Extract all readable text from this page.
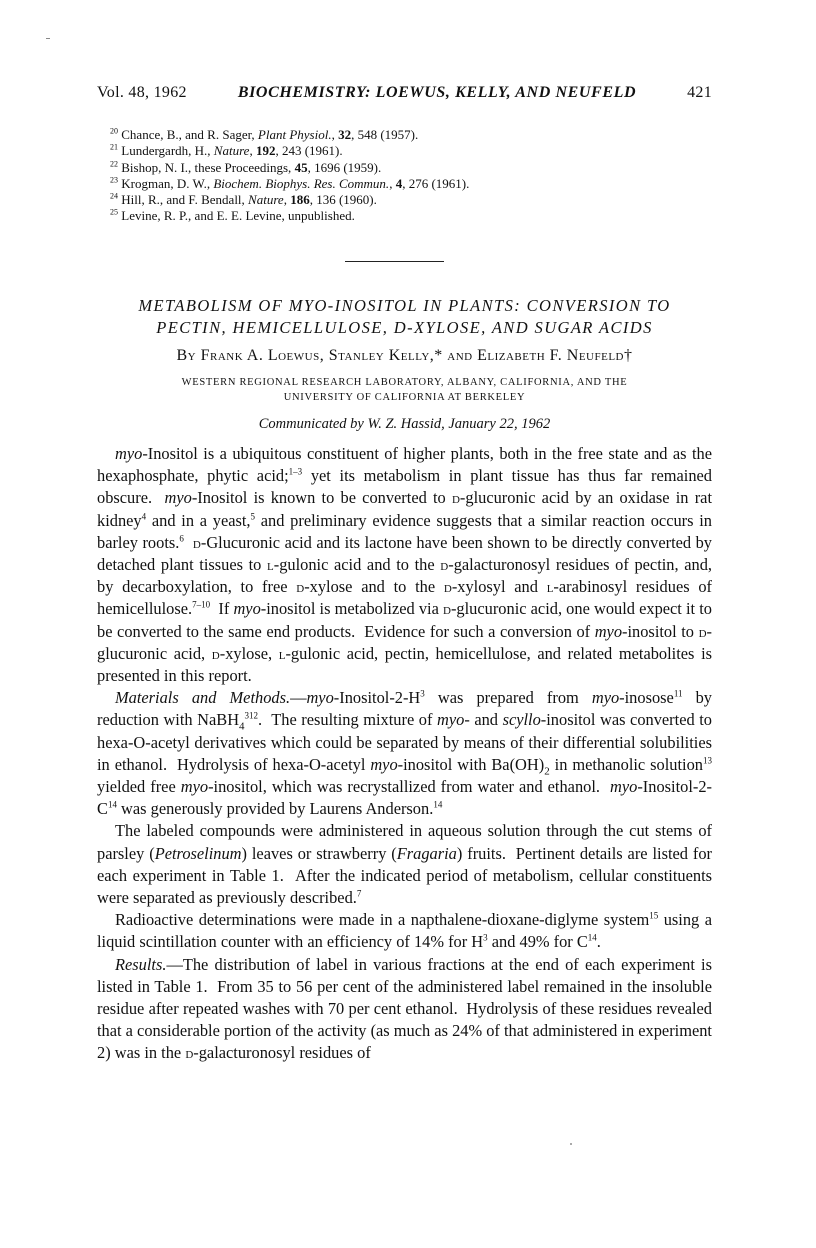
Vol. 48, 1962	BIOCHEMISTRY: LOEWUS, KELLY, AND NEUFELD	421
$^{20}$ Chance, B., and R. Sager, Plant Physiol., 32, 548 (1957).
$^{21}$ Lundergardh, H., Nature, 192, 243 (1961).
$^{22}$ Bishop, N. I., these Proceedings, 45, 1696 (1959).
$^{23}$ Krogman, D. W., Biochem. Biophys. Res. Commun., 4, 276 (1961).
$^{24}$ Hill, R., and F. Bendall, Nature, 186, 136 (1960).
$^{25}$ Levine, R. P., and E. E. Levine, unpublished.
METABOLISM OF MYO-INOSITOL IN PLANTS: CONVERSION TO
PECTIN, HEMICELLULOSE, D-XYLOSE, AND SUGAR ACIDS
By Frank A. Loewus, Stanley Kelly,* and Elizabeth F. Neufeld†
WESTERN REGIONAL RESEARCH LABORATORY, ALBANY, CALIFORNIA, AND THE
UNIVERSITY OF CALIFORNIA AT BERKELEY
Communicated by W. Z. Hassid, January 22, 1962

myo-Inositol is a ubiquitous constituent of higher plants, both in the free state and as the hexaphosphate, phytic acid;$^{1-3}$ yet its metabolism in plant tissue has thus far remained obscure.  myo-Inositol is known to be converted to d-glucuronic acid by an oxidase in rat kidney$^4$ and in a yeast,$^5$ and preliminary evidence suggests that a similar reaction occurs in barley roots.$^6$ d-Glucuronic acid and its lactone have been shown to be directly converted by detached plant tissues to l-gulonic acid and to the d-galacturonosyl residues of pectin, and, by decarboxylation, to free d-xylose and to the d-xylosyl and l-arabinosyl residues of hemicellulose.$^{7-10}$  If myo-inositol is metabolized via d-glucuronic acid, one would expect it to be converted to the same end products.  Evidence for such a conversion of myo-inositol to d-glucuronic acid, d-xylose, l-gulonic acid, pectin, hemicellulose, and related metabolites is presented in this report.

Materials and $Methods.—myo-Inositol-2-H^3$ was prepared from myo-inosose$^{11}$ by reduction with NaBH$_4^{312}$.  The resulting mixture of myo- and scyllo-inositol was converted to hexa-O-acetyl derivatives which could be separated by means of their differential solubilities in ethanol.  Hydrolysis of hexa-O-acetyl myo-inositol with $Ba(OH)_2$ in methanolic solution$^{13}$ yielded free myo-inositol, which was recrystallized from water and ethanol.  myo-$Inositol-2-C^{14}$ was generously provided by Laurens Anderson.$^{14}$

The labeled compounds were administered in aqueous solution through the cut stems of parsley (Petroselinum) leaves or strawberry (Fragaria) fruits.  Pertinent details are listed for each experiment in Table 1.  After the indicated period of metabolism, cellular constituents were separated as previously described.$^7$

Radioactive determinations were made in a napthalene-dioxane-diglyme system$^{15}$ using a liquid scintillation counter with an efficiency of 14% for $H^3$ and 49% for $C^{14}$.

Results.—The distribution of label in various fractions at the end of each experiment is listed in Table 1.  From 35 to 56 per cent of the administered label remained in the insoluble residue after repeated washes with 70 per cent ethanol.  Hydrolysis of these residues revealed that a considerable portion of the activity (as much as 24% of that administered in experiment 2) was in the d-galacturonosyl residues of
